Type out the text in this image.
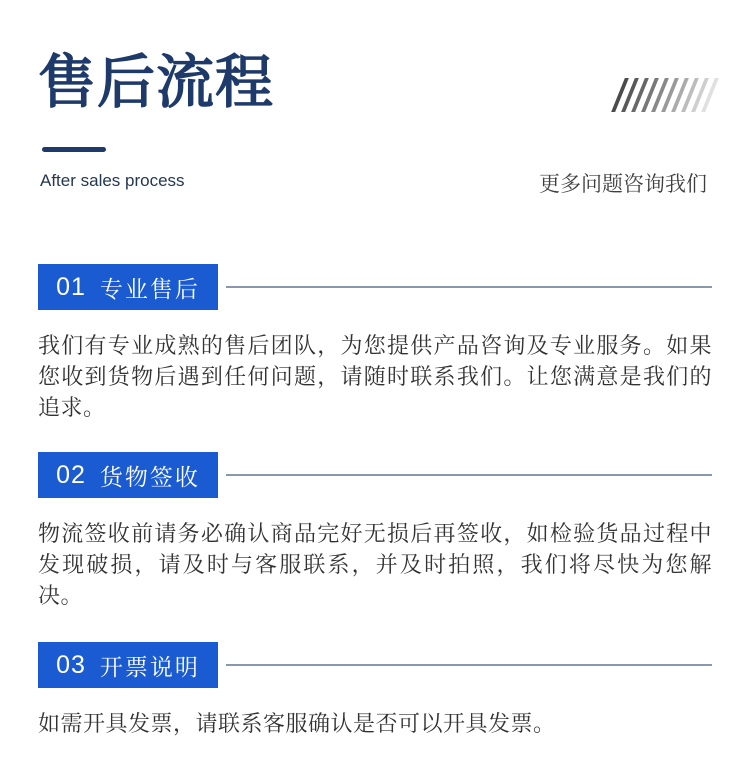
售后流程
After sales process	更多问题咨询我们
01 专业售后

我们有专业成熟的售后团队，为您提供产品咨询及专业服务。如果您收到货物后遇到任何问题，请随时联系我们。让您满意是我们的追求。

02 货物签收

物流签收前请务必确认商品完好无损后再签收，如检验货品过程中发现破损，请及时与客服联系，并及时拍照，我们将尽快为您解决。

03 开票说明

如需开具发票，请联系客服确认是否可以开具发票。
